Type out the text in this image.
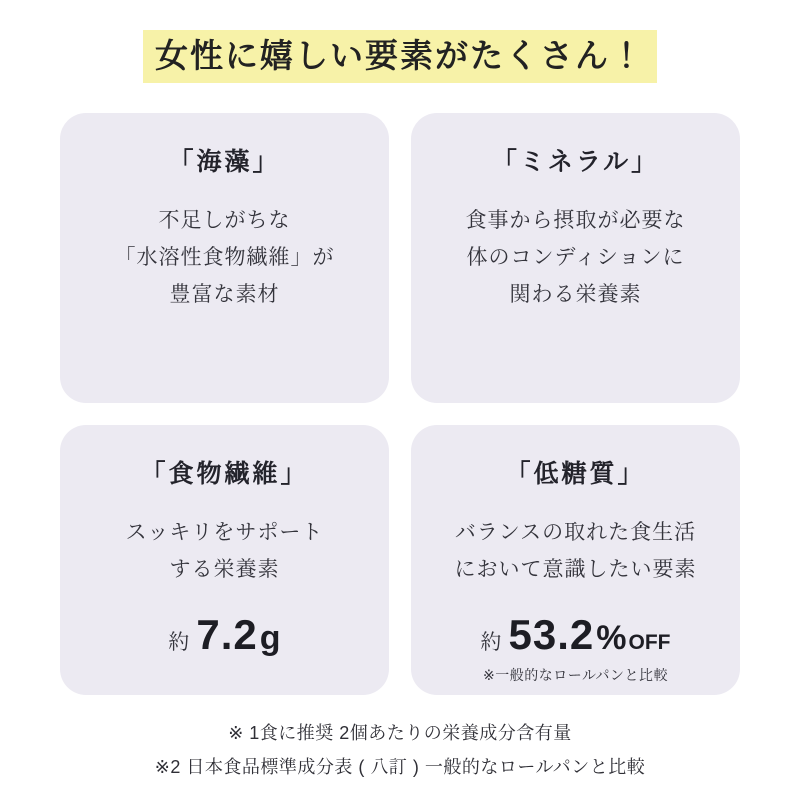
女性に嬉しい要素がたくさん！
「海藻」
不足しがちな
「水溶性食物繊維」が
豊富な素材
「ミネラル」
食事から摂取が必要な
体のコンディションに
関わる栄養素
「食物繊維」
スッキリをサポート
する栄養素
約 7.2 g
「低糖質」
バランスの取れた食生活
において意識したい要素
約 53.2 % OFF
※一般的なロールパンと比較
※ 1食に推奨 2個あたりの栄養成分含有量
※2 日本食品標準成分表 ( 八訂 ) 一般的なロールパンと比較
